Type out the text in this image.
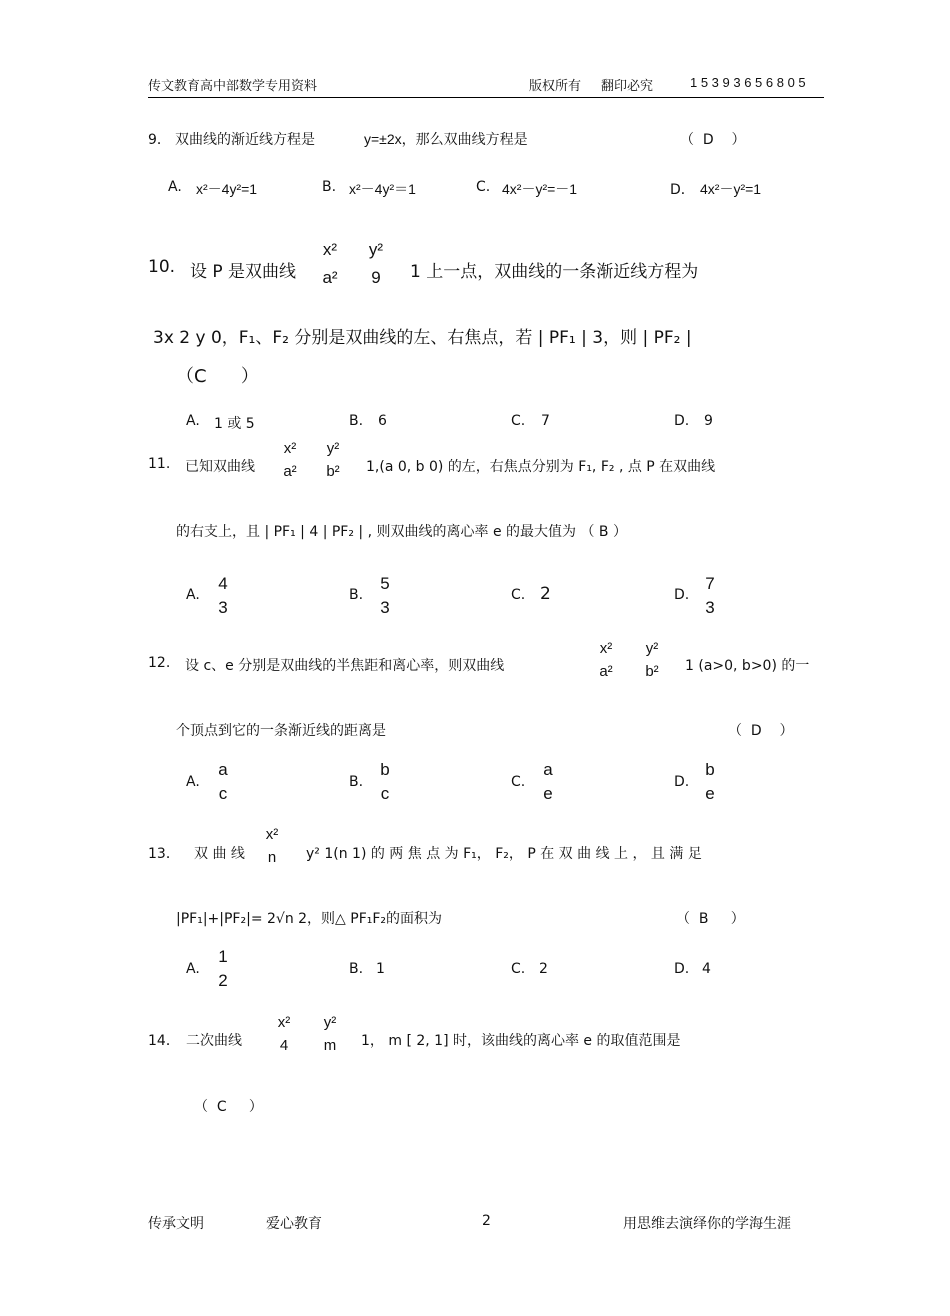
传文教育高中部数学专用资料	版权所有 翻印必究	1 5 3 9 3 6 5 6 8 0 5
9． 双曲线的渐近线方程是	y=±2x，那么双曲线方程是	（  D    ）
A. x²－4y²=1	B. x²－4y²＝1	C. 4x²－y²=－1	D． 4x²－y²=1
10. 设 P 是双曲线
x²
a²
y²
9	1 上一点，双曲线的一条渐近线方程为
3x 2 y 0，F₁、F₂ 分别是双曲线的左、右焦点，若 | PF₁ | 3，则 | PF₂ |
（C      ）
A. 1 或 5	B. 6	C. 7	D. 9
11. 已知双曲线
x²
a²
y²
b²	1,(a 0, b 0) 的左，右焦点分别为 F₁, F₂ , 点 P 在双曲线
的右支上，且 | PF₁ | 4 | PF₂ | , 则双曲线的离心率 e 的最大值为 （ B ）
A.
4
3
B.
5
3
C. 2	D.
7
3
12. 设 c、e 分别是双曲线的半焦距和离心率，则双曲线
x²
a²
y²
b²	1 (a>0, b>0) 的一
个顶点到它的一条渐近线的距离是	（  D    ）
A.
a
c
B.
b
c
C.
a
e
D.
b
e
13． 双 曲 线
x²
n	y² 1(n 1) 的 两 焦 点 为 F₁， F₂， P 在 双 曲 线 上 ， 且 满 足
|PF₁|+|PF₂|= 2√n 2，则△ PF₁F₂的面积为	（  B     ）
A.
1
2
B. 1	C. 2	D. 4
14． 二次曲线
x²
4
y²
m	1， m [ 2, 1] 时，该曲线的离心率 e 的取值范围是
（  C     ）
传承文明	爱心教育	2	用思维去演绎你的学海生涯
